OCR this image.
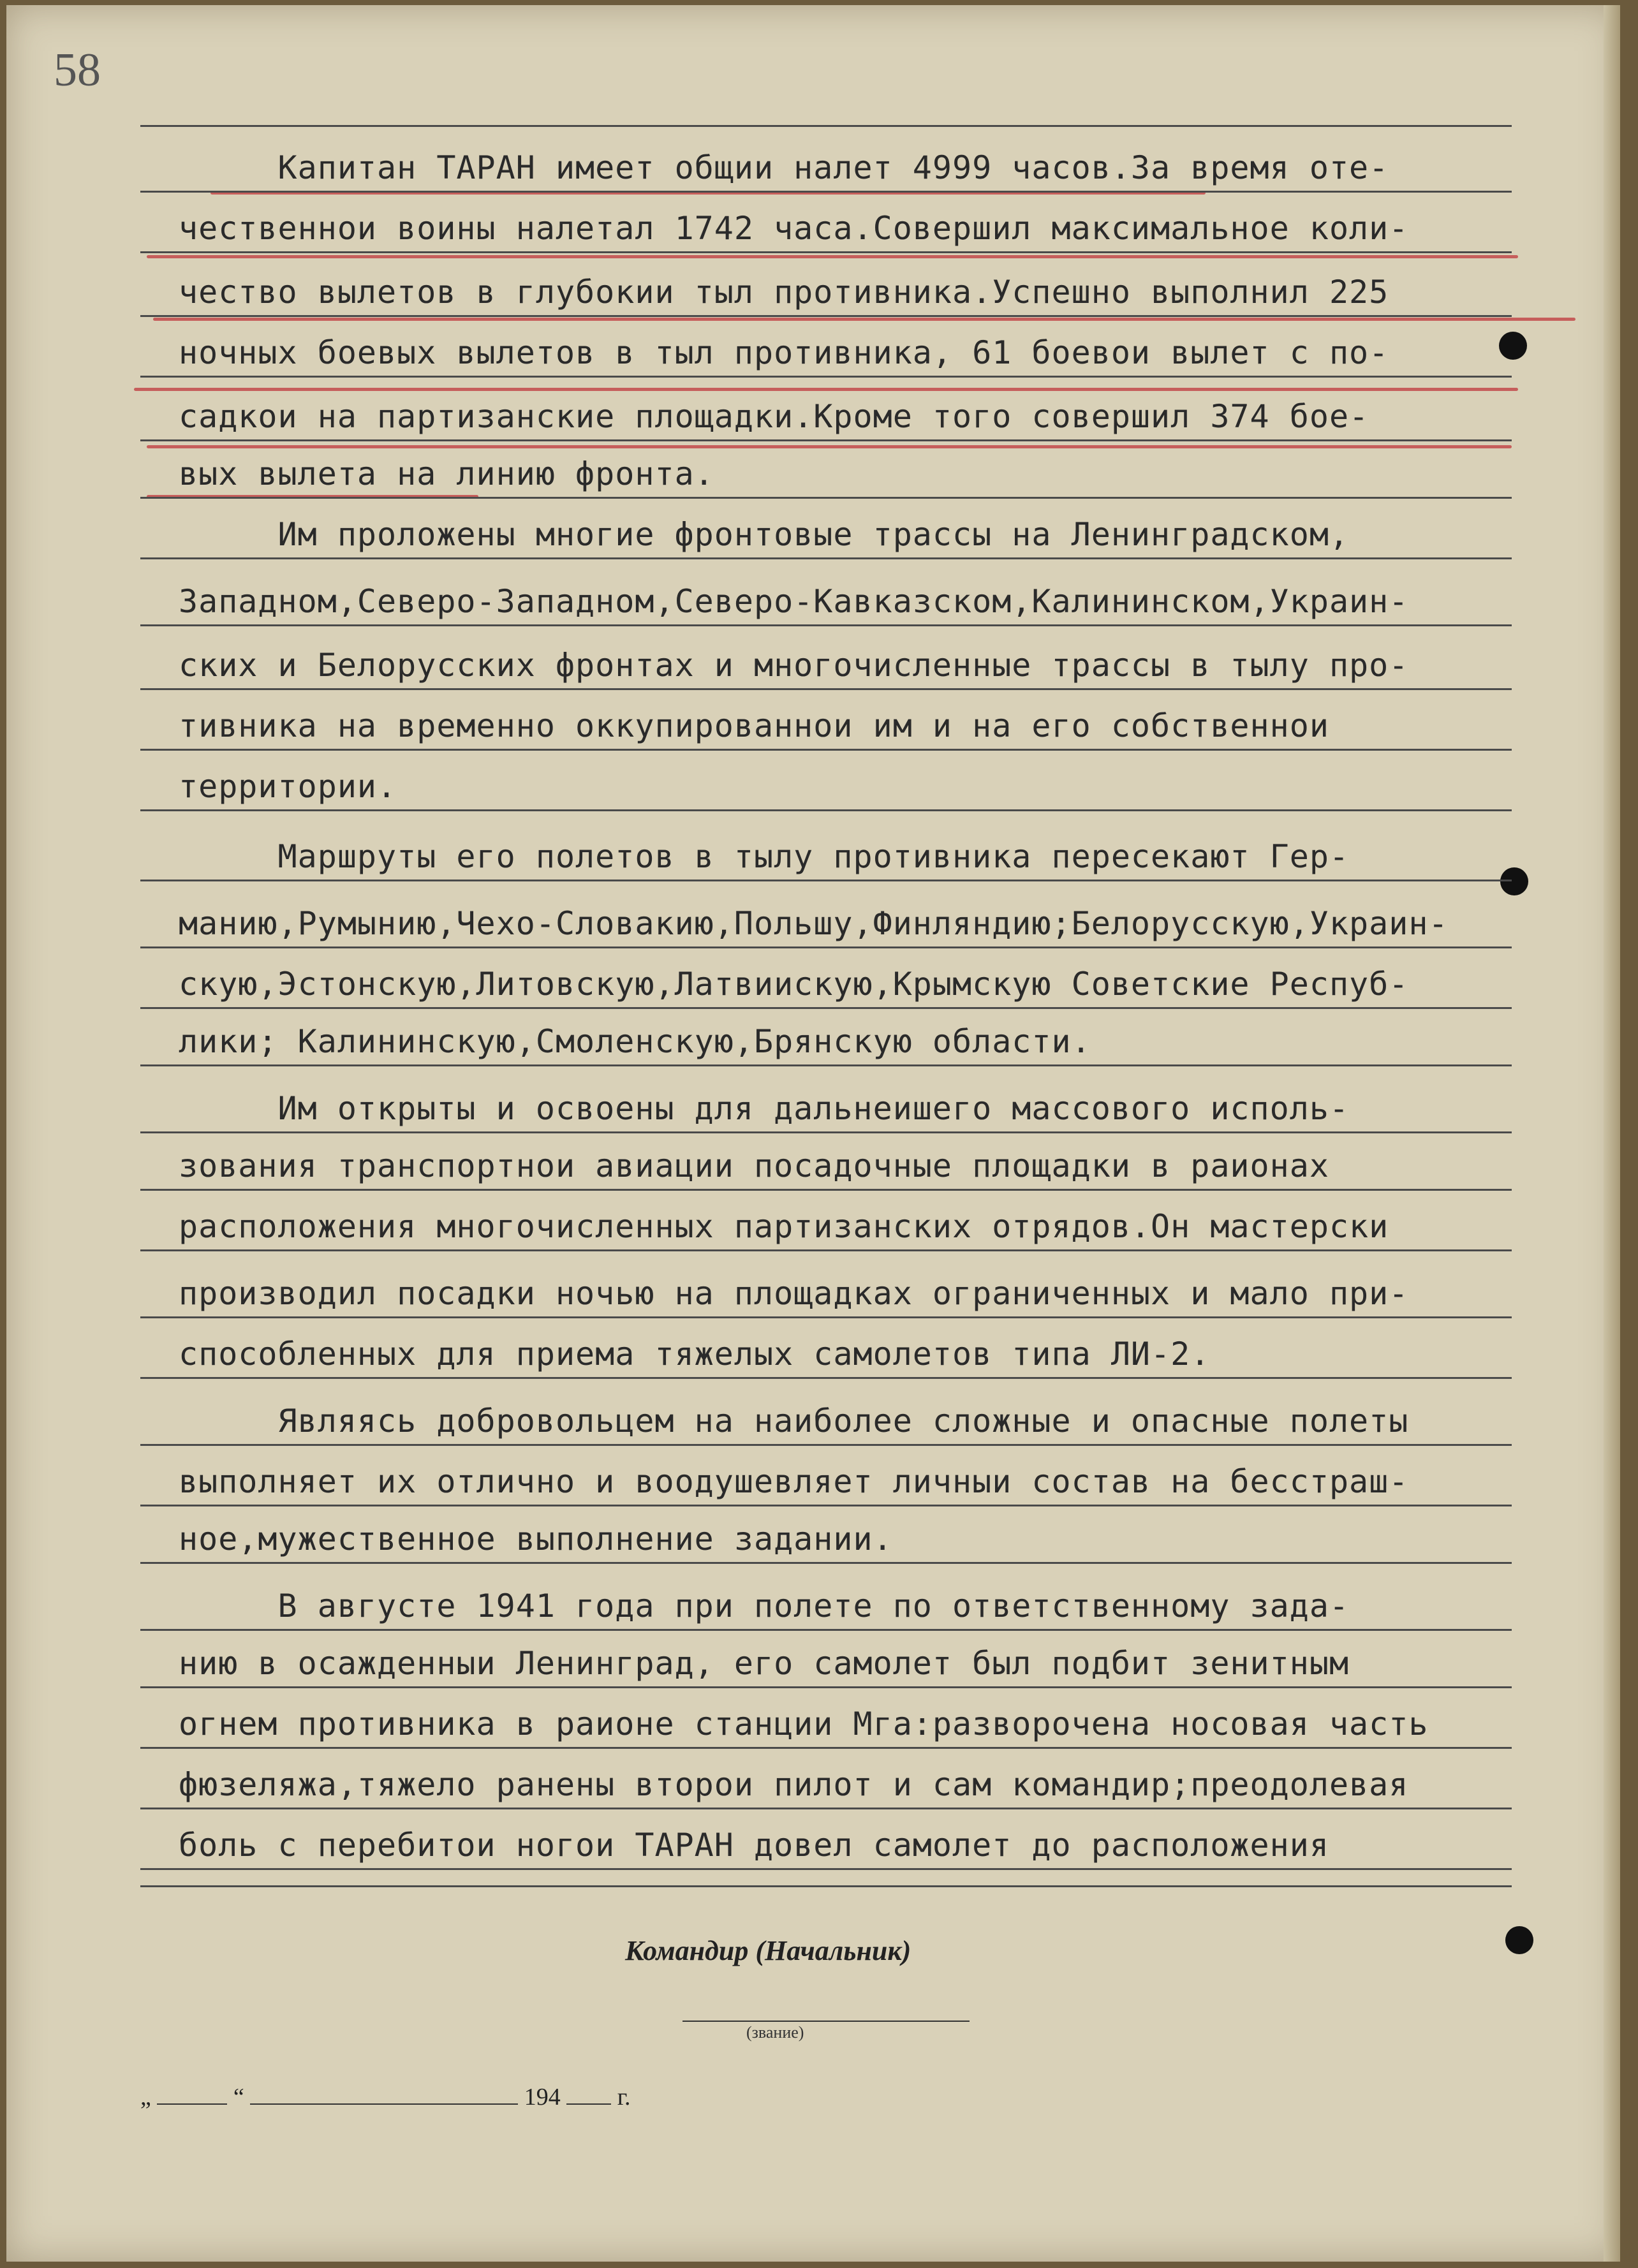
58
Капитан ТАРАН имеет общии налет 4999 часов.За время оте-
чественнои воины налетал 1742 часа.Совершил максимальное коли-
чество вылетов в глубокии тыл противника.Успешно выполнил 225
ночных боевых вылетов в тыл противника, 61 боевои вылет с по-
садкои на партизанские площадки.Кроме того совершил 374 бое-
вых вылета на линию фронта.
Им проложены многие фронтовые трассы на Ленинградском,
Западном,Северо-Западном,Северо-Кавказском,Калининском,Украин-
ских и Белорусских фронтах и многочисленные трассы в тылу про-
тивника на временно оккупированнои им и на его собственнои
территории.
Маршруты его полетов в тылу противника пересекают Гер-
манию,Румынию,Чехо-Словакию,Польшу,Финляндию;Белорусскую,Украин-
скую,Эстонскую,Литовскую,Латвиискую,Крымскую Советские Респуб-
лики; Калининскую,Смоленскую,Брянскую области.
Им открыты и освоены для дальнеишего массового исполь-
зования транспортнои авиации посадочные площадки в раионах
расположения многочисленных партизанских отрядов.Он мастерски
производил посадки ночью на площадках ограниченных и мало при-
способленных для приема тяжелых самолетов типа ЛИ-2.
Являясь добровольцем на наиболее сложные и опасные полеты
выполняет их отлично и воодушевляет личныи состав на бесстраш-
ное,мужественное выполнение задании.
В августе 1941 года при полете по ответственному зада-
нию в осажденныи Ленинград, его самолет был подбит зенитным
огнем противника в раионе станции Мга:разворочена носовая часть
фюзеляжа,тяжело ранены второи пилот и сам командир;преодолевая
боль с перебитои ногои ТАРАН довел самолет до расположения
Командир (Начальник)
(звание)
„	“	194 г.
